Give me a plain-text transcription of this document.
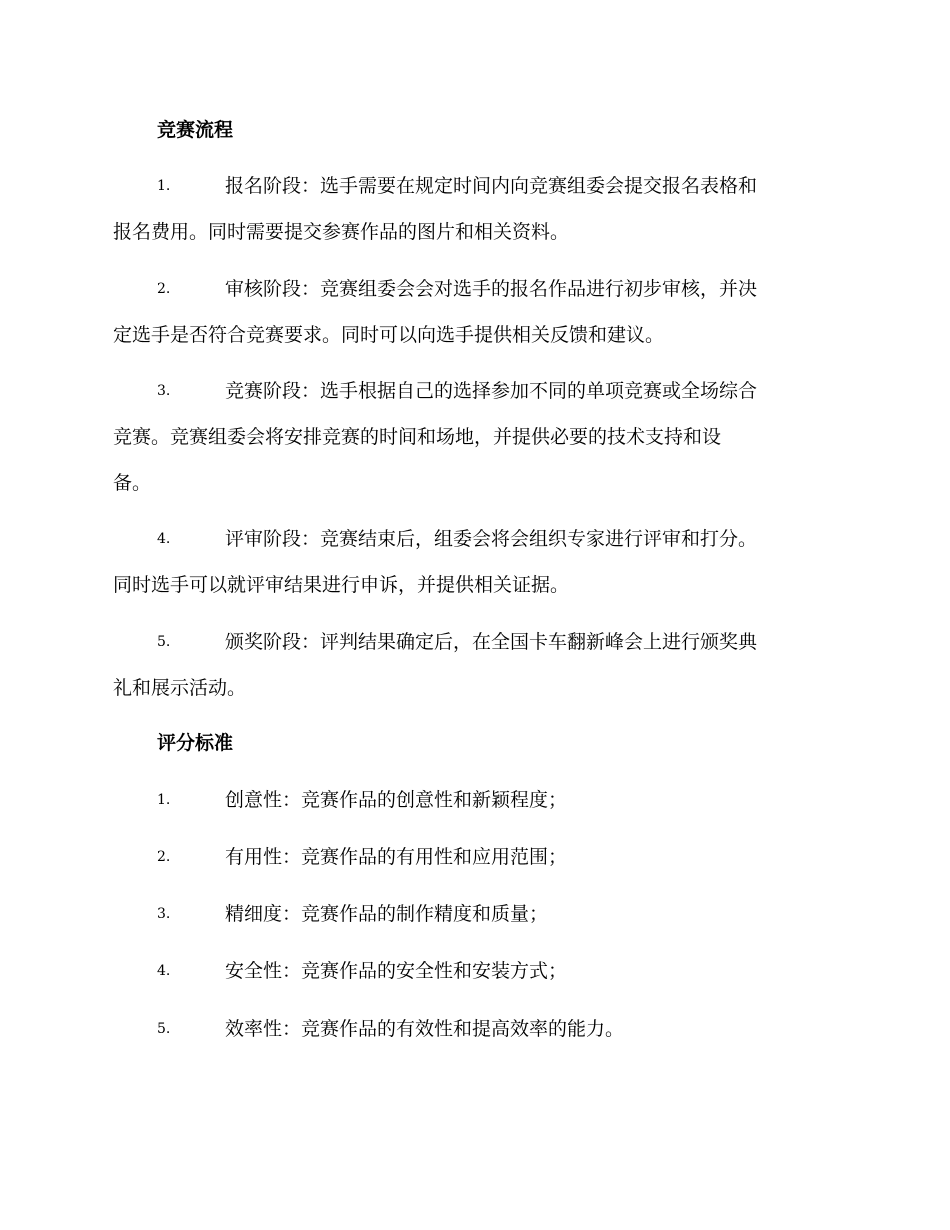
竞赛流程
1.	报名阶段：选手需要在规定时间内向竞赛组委会提交报名表格和
报名费用。同时需要提交参赛作品的图片和相关资料。
2.	审核阶段：竞赛组委会会对选手的报名作品进行初步审核，并决
定选手是否符合竞赛要求。同时可以向选手提供相关反馈和建议。
3.	竞赛阶段：选手根据自己的选择参加不同的单项竞赛或全场综合
竞赛。竞赛组委会将安排竞赛的时间和场地，并提供必要的技术支持和设
备。
4.	评审阶段：竞赛结束后，组委会将会组织专家进行评审和打分。
同时选手可以就评审结果进行申诉，并提供相关证据。
5.	颁奖阶段：评判结果确定后，在全国卡车翻新峰会上进行颁奖典
礼和展示活动。
评分标准
1.	创意性：竞赛作品的创意性和新颖程度；
2.	有用性：竞赛作品的有用性和应用范围；
3.	精细度：竞赛作品的制作精度和质量；
4.	安全性：竞赛作品的安全性和安装方式；
5.	效率性：竞赛作品的有效性和提高效率的能力。
